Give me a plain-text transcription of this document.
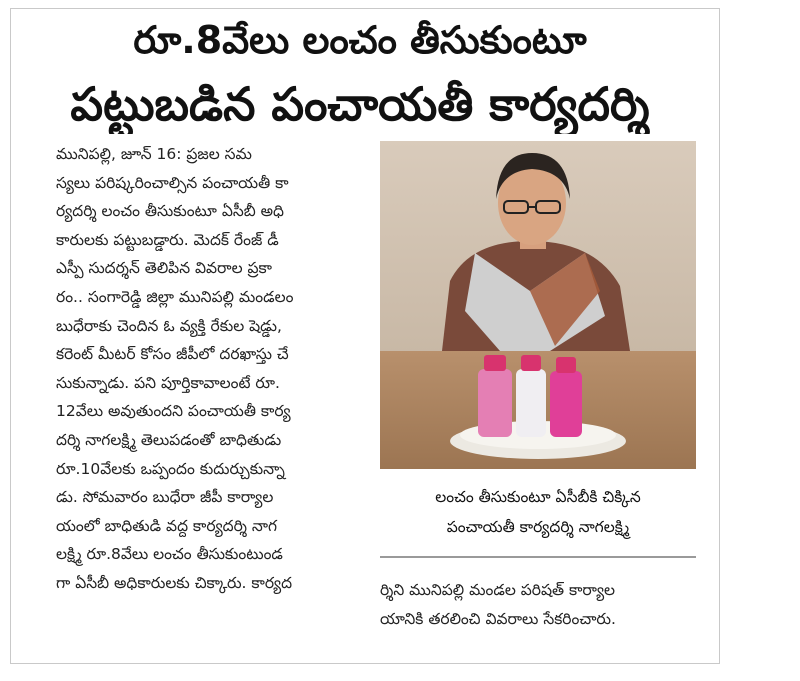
రూ.8వేలు లంచం తీసుకుంటూ
పట్టుబడిన పంచాయతీ కార్యదర్శి
మునిపల్లి, జూన్ 16: ప్రజల సమ
స్యలు పరిష్కరించాల్సిన పంచాయతీ కా
ర్యదర్శి లంచం తీసుకుంటూ ఏసీబీ అధి
కారులకు పట్టుబడ్డారు. మెదక్ రేంజ్ డీ
ఎస్పీ సుదర్శన్ తెలిపిన వివరాల ప్రకా
రం.. సంగారెడ్డి జిల్లా మునిపల్లి మండలం
బుధేరాకు చెందిన ఓ వ్యక్తి రేకుల షెడ్డు,
కరెంట్ మీటర్ కోసం జీపీలో దరఖాస్తు చే
సుకున్నాడు. పని పూర్తికావాలంటే రూ.
12వేలు అవుతుందని పంచాయతీ కార్య
దర్శి నాగలక్ష్మి తెలుపడంతో బాధితుడు
రూ.10వేలకు ఒప్పందం కుదుర్చుకున్నా
డు. సోమవారం బుధేరా జీపీ కార్యాల
యంలో బాధితుడి వద్ద కార్యదర్శి నాగ
లక్ష్మి రూ.8వేలు లంచం తీసుకుంటుండ
గా ఏసీబీ అధికారులకు చిక్కారు. కార్యద
లంచం తీసుకుంటూ ఏసీబీకి చిక్కిన
పంచాయతీ కార్యదర్శి నాగలక్ష్మి
ర్శిని మునిపల్లి మండల పరిషత్ కార్యాల
యానికి తరలించి వివరాలు సేకరించారు.
